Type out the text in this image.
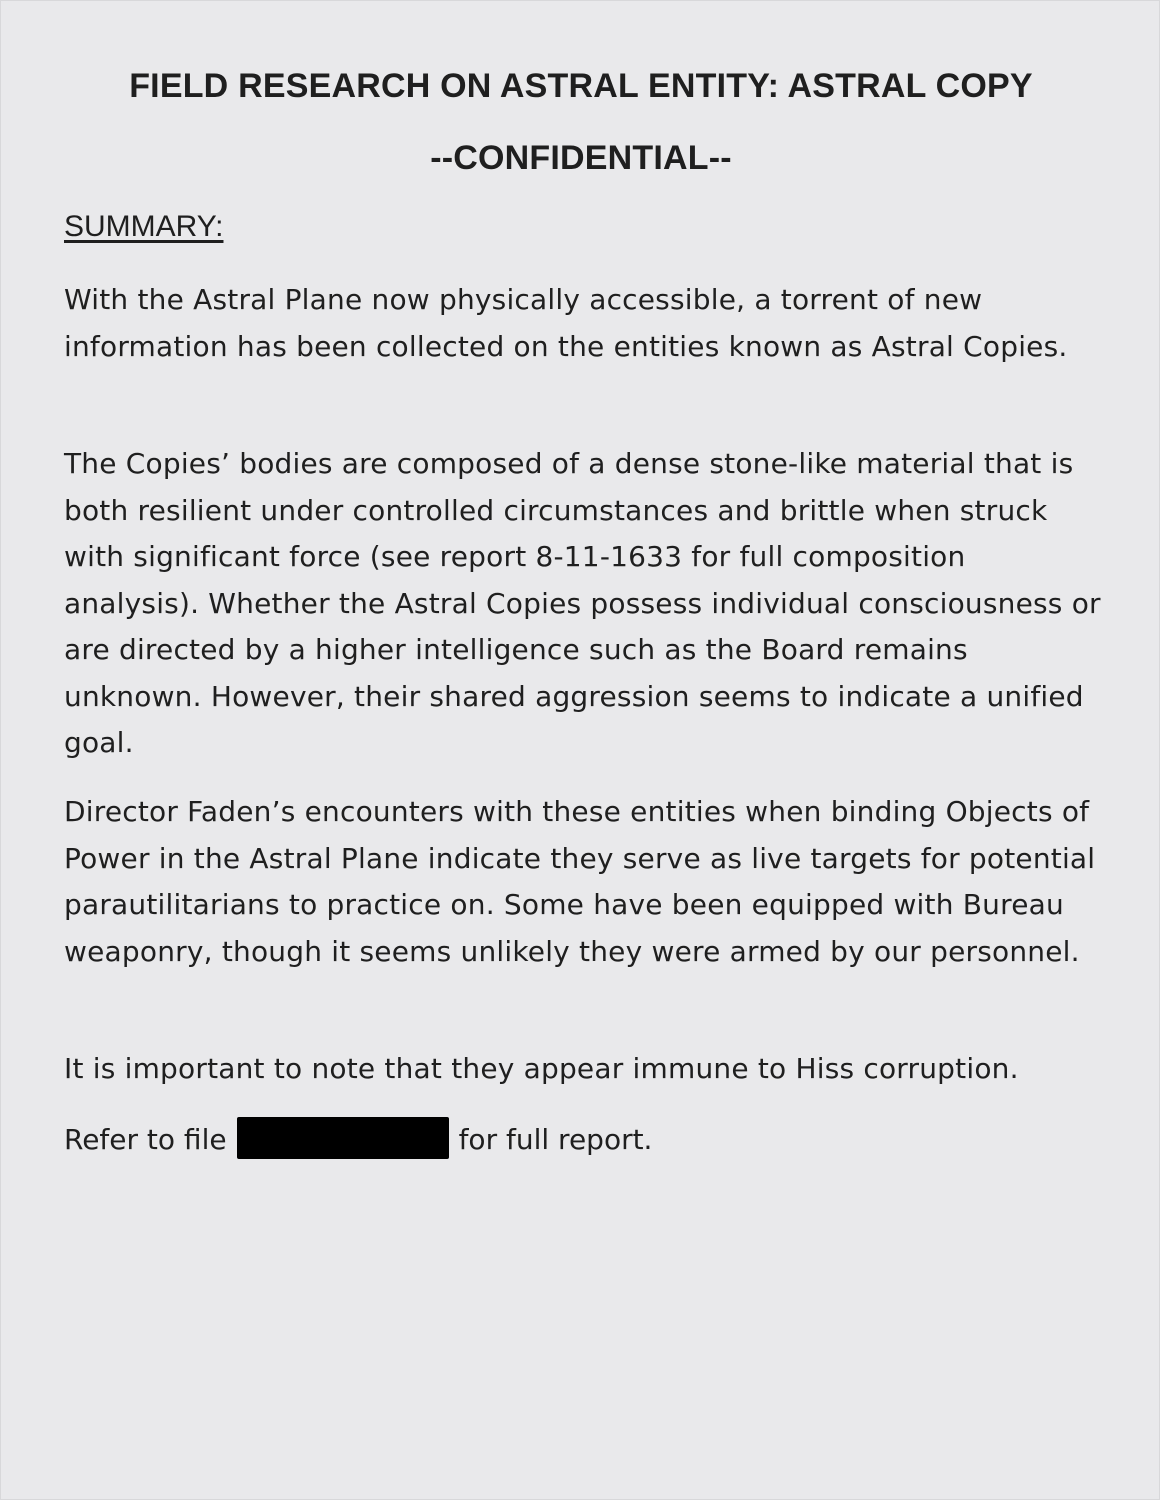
FIELD RESEARCH ON ASTRAL ENTITY: ASTRAL COPY
--CONFIDENTIAL--
SUMMARY:
With the Astral Plane now physically accessible, a torrent of new information has been collected on the entities known as Astral Copies.
The Copies’ bodies are composed of a dense stone-like material that is both resilient under controlled circumstances and brittle when struck with significant force (see report 8-11-1633 for full composition analysis). Whether the Astral Copies possess individual consciousness or are directed by a higher intelligence such as the Board remains unknown. However, their shared aggression seems to indicate a unified goal.
Director Faden’s encounters with these entities when binding Objects of Power in the Astral Plane indicate they serve as live targets for potential parautilitarians to practice on. Some have been equipped with Bureau weaponry, though it seems unlikely they were armed by our personnel.
It is important to note that they appear immune to Hiss corruption.
Refer to file	for full report.
